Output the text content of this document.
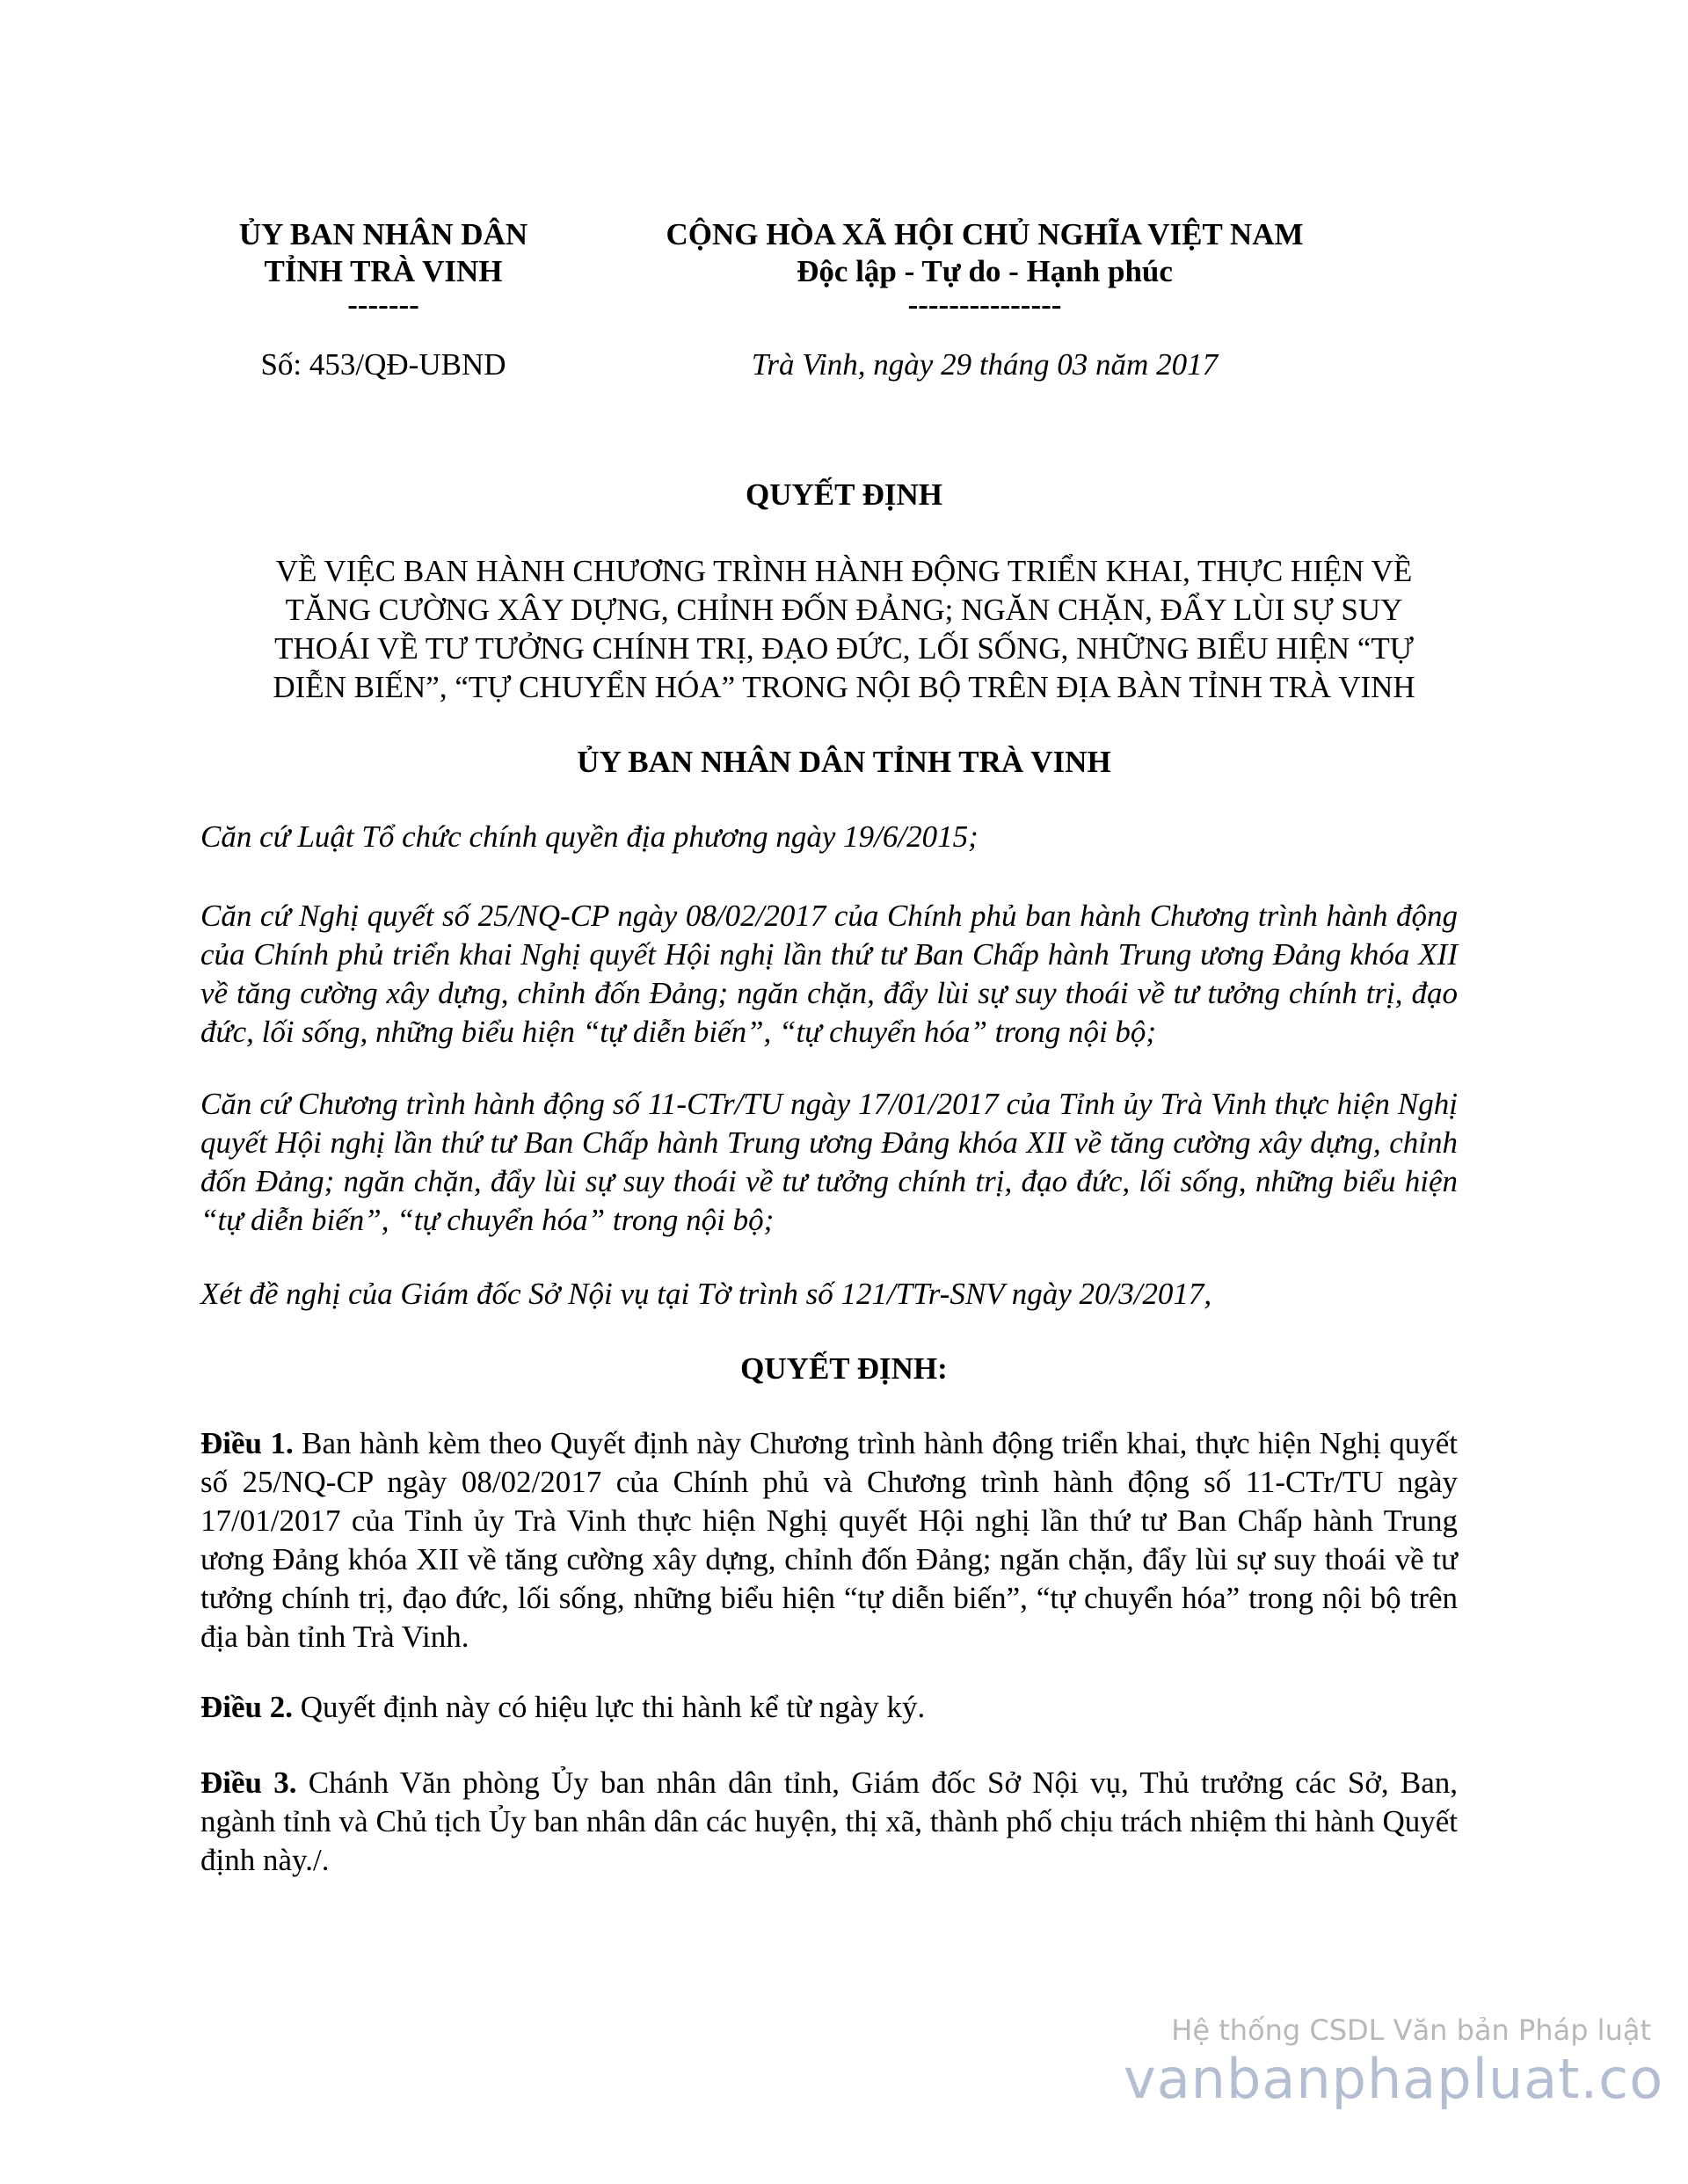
ỦY BAN NHÂN DÂN
TỈNH TRÀ VINH
-------
Số: 453/QĐ-UBND
CỘNG HÒA XÃ HỘI CHỦ NGHĨA VIỆT NAM
Độc lập - Tự do - Hạnh phúc
---------------
Trà Vinh, ngày 29 tháng 03 năm 2017
QUYẾT ĐỊNH
VỀ VIỆC BAN HÀNH CHƯƠNG TRÌNH HÀNH ĐỘNG TRIỂN KHAI, THỰC HIỆN VỀ
TĂNG CƯỜNG XÂY DỰNG, CHỈNH ĐỐN ĐẢNG; NGĂN CHẶN, ĐẨY LÙI SỰ SUY
THOÁI VỀ TƯ TƯỞNG CHÍNH TRỊ, ĐẠO ĐỨC, LỐI SỐNG, NHỮNG BIỂU HIỆN “TỰ
DIỄN BIẾN”, “TỰ CHUYỂN HÓA” TRONG NỘI BỘ TRÊN ĐỊA BÀN TỈNH TRÀ VINH
ỦY BAN NHÂN DÂN TỈNH TRÀ VINH
Căn cứ Luật Tổ chức chính quyền địa phương ngày 19/6/2015;
Căn cứ Nghị quyết số 25/NQ-CP ngày 08/02/2017 của Chính phủ ban hành Chương trình hành động của Chính phủ triển khai Nghị quyết Hội nghị lần thứ tư Ban Chấp hành Trung ương Đảng khóa XII về tăng cường xây dựng, chỉnh đốn Đảng; ngăn chặn, đẩy lùi sự suy thoái về tư tưởng chính trị, đạo đức, lối sống, những biểu hiện “tự diễn biến”, “tự chuyển hóa” trong nội bộ;
Căn cứ Chương trình hành động số 11-CTr/TU ngày 17/01/2017 của Tỉnh ủy Trà Vinh thực hiện Nghị quyết Hội nghị lần thứ tư Ban Chấp hành Trung ương Đảng khóa XII về tăng cường xây dựng, chỉnh đốn Đảng; ngăn chặn, đẩy lùi sự suy thoái về tư tưởng chính trị, đạo đức, lối sống, những biểu hiện “tự diễn biến”, “tự chuyển hóa” trong nội bộ;
Xét đề nghị của Giám đốc Sở Nội vụ tại Tờ trình số 121/TTr-SNV ngày 20/3/2017,
QUYẾT ĐỊNH:
Điều 1. Ban hành kèm theo Quyết định này Chương trình hành động triển khai, thực hiện Nghị quyết số 25/NQ-CP ngày 08/02/2017 của Chính phủ và Chương trình hành động số 11-CTr/TU ngày 17/01/2017 của Tỉnh ủy Trà Vinh thực hiện Nghị quyết Hội nghị lần thứ tư Ban Chấp hành Trung ương Đảng khóa XII về tăng cường xây dựng, chỉnh đốn Đảng; ngăn chặn, đẩy lùi sự suy thoái về tư tưởng chính trị, đạo đức, lối sống, những biểu hiện “tự diễn biến”, “tự chuyển hóa” trong nội bộ trên địa bàn tỉnh Trà Vinh.
Điều 2. Quyết định này có hiệu lực thi hành kể từ ngày ký.
Điều 3. Chánh Văn phòng Ủy ban nhân dân tỉnh, Giám đốc Sở Nội vụ, Thủ trưởng các Sở, Ban, ngành tỉnh và Chủ tịch Ủy ban nhân dân các huyện, thị xã, thành phố chịu trách nhiệm thi hành Quyết định này./.
Hệ thống CSDL Văn bản Pháp luật
vanbanphapluat.co
